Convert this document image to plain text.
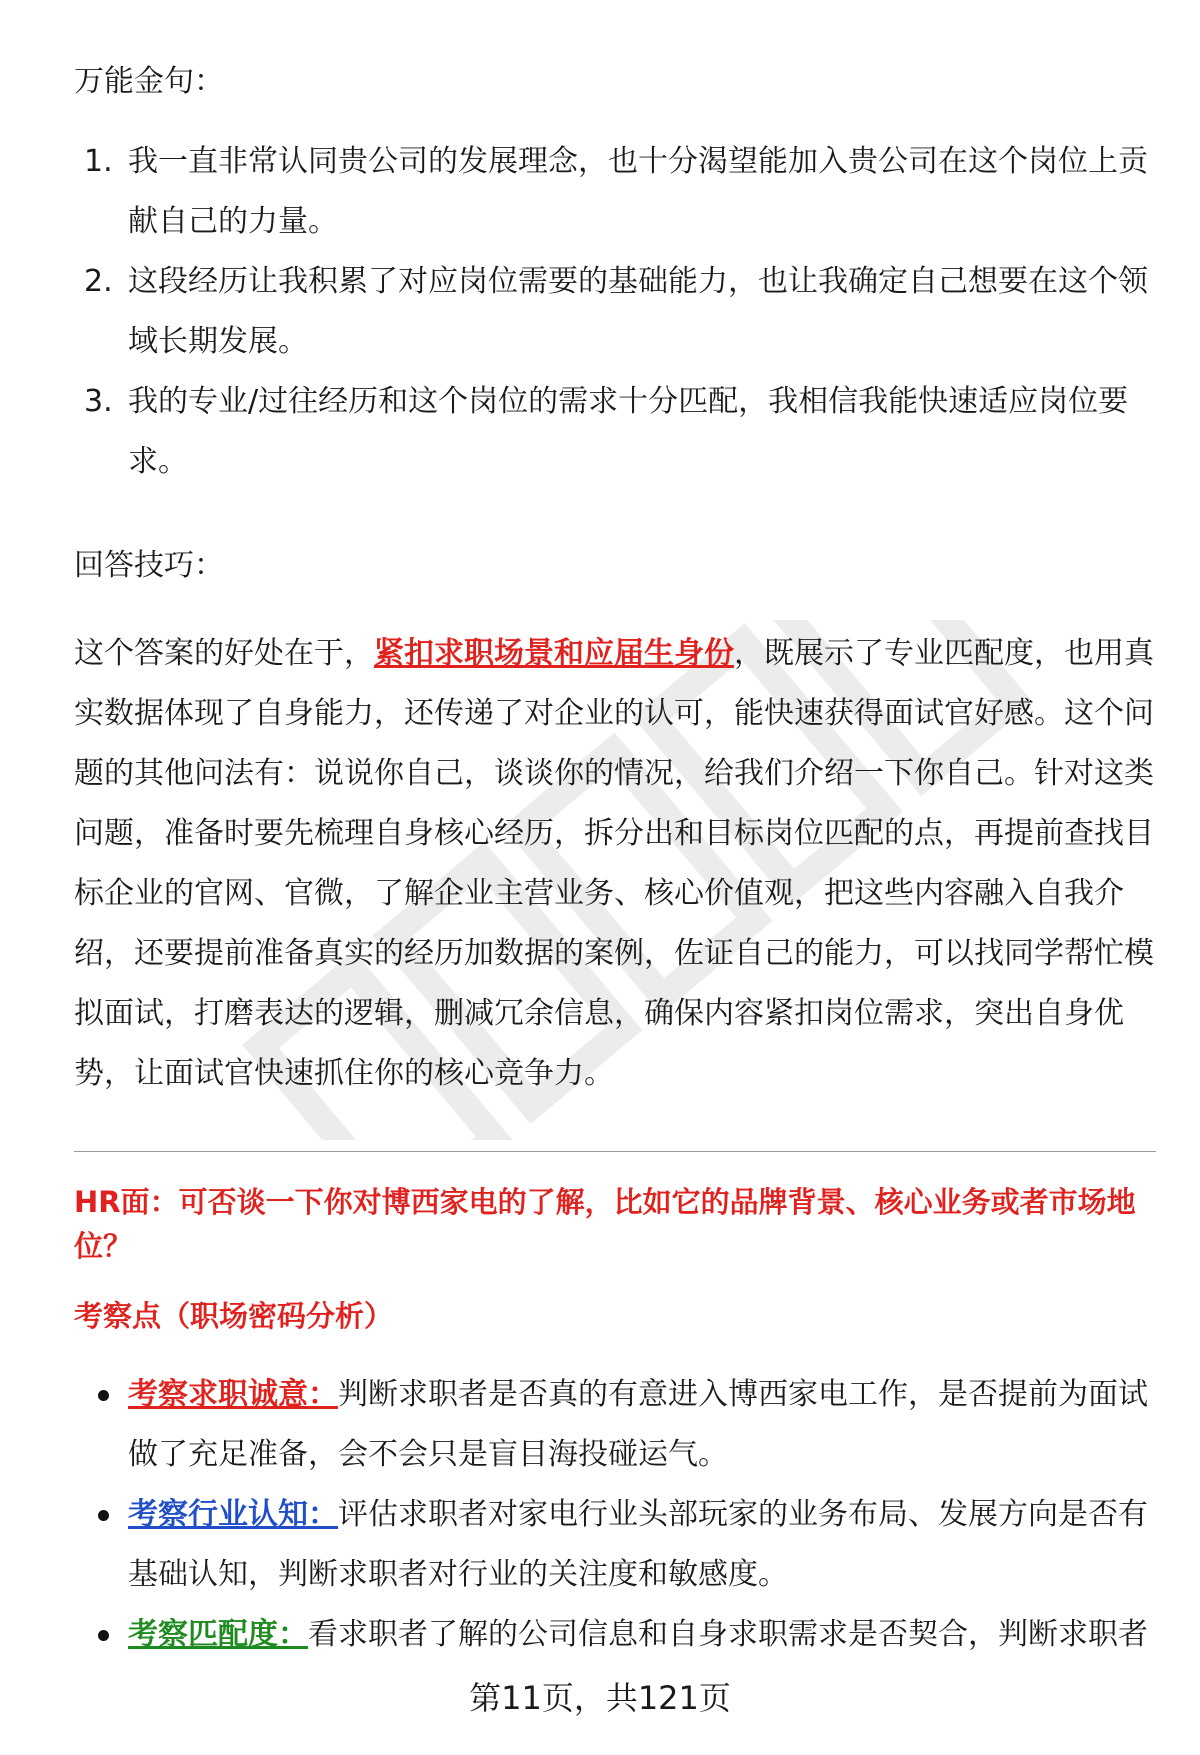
万能金句：
1. 我一直非常认同贵公司的发展理念，也十分渴望能加入贵公司在这个岗位上贡献自己的力量。
2. 这段经历让我积累了对应岗位需要的基础能力，也让我确定自己想要在这个领域长期发展。
3. 我的专业/过往经历和这个岗位的需求十分匹配，我相信我能快速适应岗位要求。
回答技巧：

这个答案的好处在于，紧扣求职场景和应届生身份，既展示了专业匹配度，也用真实数据体现了自身能力，还传递了对企业的认可，能快速获得面试官好感。这个问题的其他问法有：说说你自己，谈谈你的情况，给我们介绍一下你自己。针对这类问题，准备时要先梳理自身核心经历，拆分出和目标岗位匹配的点，再提前查找目标企业的官网、官微，了解企业主营业务、核心价值观，把这些内容融入自我介绍，还要提前准备真实的经历加数据的案例，佐证自己的能力，可以找同学帮忙模拟面试，打磨表达的逻辑，删减冗余信息，确保内容紧扣岗位需求，突出自身优势，让面试官快速抓住你的核心竞争力。

HR面：可否谈一下你对博西家电的了解，比如它的品牌背景、核心业务或者市场地位？

考察点（职场密码分析）

考察求职诚意：判断求职者是否真的有意进入博西家电工作，是否提前为面试做了充足准备，会不会只是盲目海投碰运气。
考察行业认知：评估求职者对家电行业头部玩家的业务布局、发展方向是否有基础认知，判断求职者对行业的关注度和敏感度。
考察匹配度：看求职者了解的公司信息和自身求职需求是否契合，判断求职者
第11页，共121页
